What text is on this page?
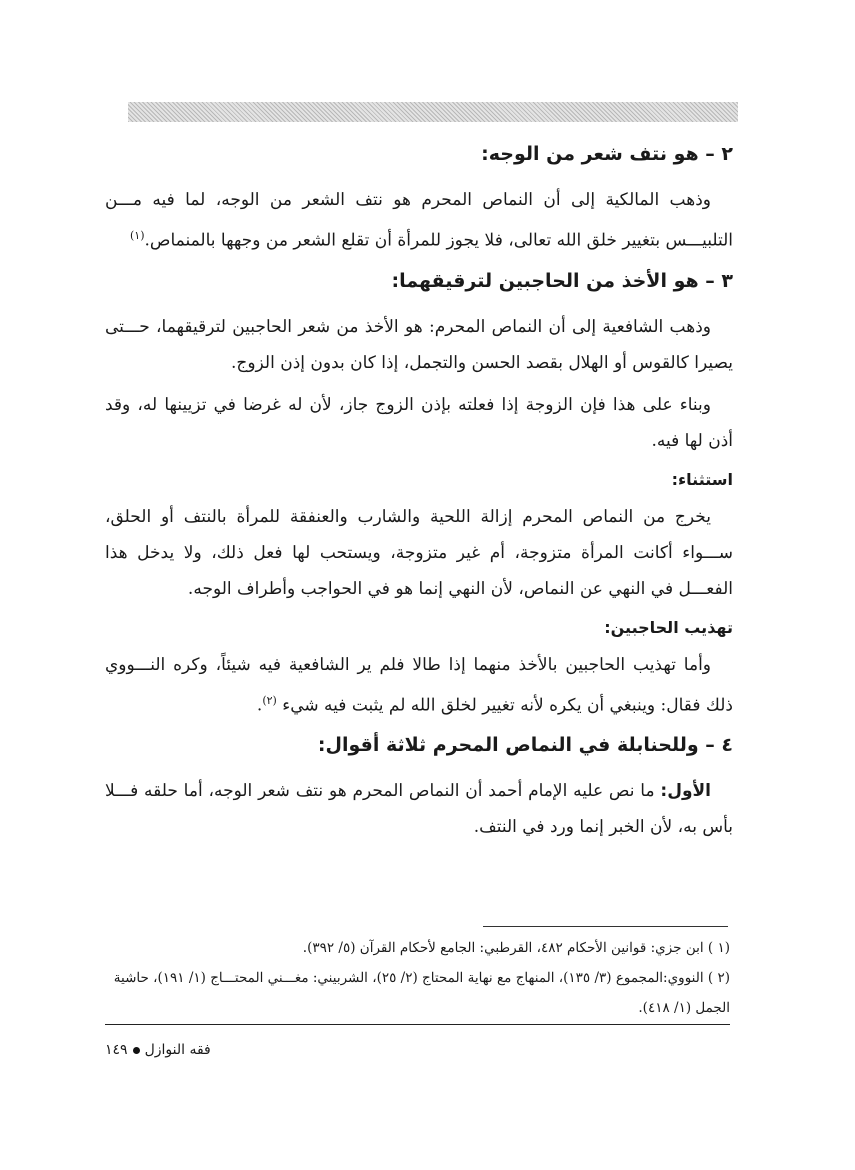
٢ – هو نتف شعر من الوجه:

وذهب المالكية إلى أن النماص المحرم هو نتف الشعر من الوجه، لما فيه مـــن التلبيـــس بتغيير خلق الله تعالى، فلا يجوز للمرأة أن تقلع الشعر من وجهها بالمنماص.$^{(١)}$

٣ – هو الأخذ من الحاجبين لترقيقهما:

وذهب الشافعية إلى أن النماص المحرم: هو الأخذ من شعر الحاجبين لترقيقهما، حـــتى يصيرا كالقوس أو الهلال بقصد الحسن والتجمل، إذا كان بدون إذن الزوج.

وبناء على هذا فإن الزوجة إذا فعلته بإذن الزوج جاز، لأن له غرضا في تزيينها له، وقد أذن لها فيه.

استثناء:

يخرج من النماص المحرم إزالة اللحية والشارب والعنفقة للمرأة بالنتف أو الحلق، ســـواء أكانت المرأة متزوجة، أم غير متزوجة، ويستحب لها فعل ذلك، ولا يدخل هذا الفعـــل في النهي عن النماص، لأن النهي إنما هو في الحواجب وأطراف الوجه.

تهذيب الحاجبين:

وأما تهذيب الحاجبين بالأخذ منهما إذا طالا فلم ير الشافعية فيه شيئاً، وكره النـــووي ذلك فقال: وينبغي أن يكره لأنه تغيير لخلق الله لم يثبت فيه شيء $^{(٢)}$.

٤ – وللحنابلة في النماص المحرم ثلاثة أقوال:

الأول: ما نص عليه الإمام أحمد أن النماص المحرم هو نتف شعر الوجه، أما حلقه فـــلا بأس به، لأن الخبر إنما ورد في النتف.

(١ ) ابن جزي: قوانين الأحكام ٤٨٢، القرطبي: الجامع لأحكام القرآن (٥/ ٣٩٢).

(٢ ) النووي:المجموع (٣/ ١٣٥)، المنهاج مع نهاية المحتاج (٢/ ٢٥)، الشربيني: مغـــني المحتـــاج (١/ ١٩١)، حاشية الجمل (١/ ٤١٨).

فقه النوازل١٤٩
